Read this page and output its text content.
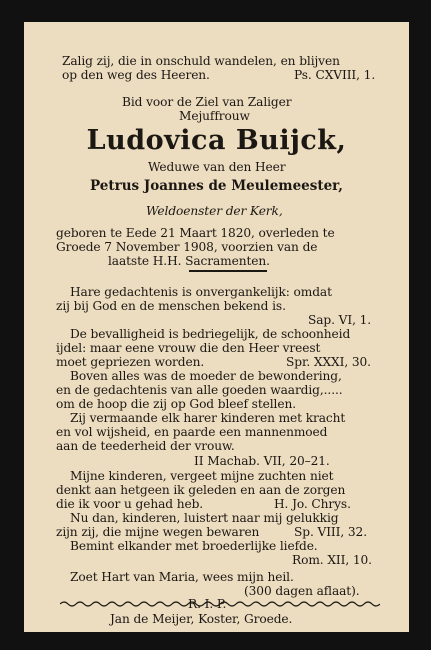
Zalig zij, die in onschuld wandelen, en blijven
op den weg des Heeren.	Ps. CXVIII, 1.
Bid voor de Ziel van Zaliger
Mejuffrouw
Ludovica Buijck,
Weduwe van den Heer
Petrus Joannes de Meulemeester,
Weldoenster der Kerk,
geboren te Eede 21 Maart 1820, overleden te
Groede 7 November 1908, voorzien van de
laatste H.H. Sacramenten.
Hare gedachtenis is onvergankelijk: omdat
zij bij God en de menschen bekend is.
Sap. VI, 1.
De bevalligheid is bedriegelijk, de schoonheid
ijdel: maar eene vrouw die den Heer vreest
moet gepriezen worden.	Spr. XXXI, 30.
Boven alles was de moeder de bewondering,
en de gedachtenis van alle goeden waardig,.....
om de hoop die zij op God bleef stellen.
Zij vermaande elk harer kinderen met kracht
en vol wijsheid, en paarde een mannenmoed
aan de teederheid der vrouw.
II Machab. VII, 20–21.
Mijne kinderen, vergeet mijne zuchten niet
denkt aan hetgeen ik geleden en aan de zorgen
die ik voor u gehad heb.	H. Jo. Chrys.
Nu dan, kinderen, luistert naar mij gelukkig
zijn zij, die mijne wegen bewaren	Sp. VIII, 32.
Bemint elkander met broederlijke liefde.
Rom. XII, 10.
Zoet Hart van Maria, wees mijn heil.
(300 dagen aflaat).
R. I. P.
Jan de Meijer, Koster, Groede.
